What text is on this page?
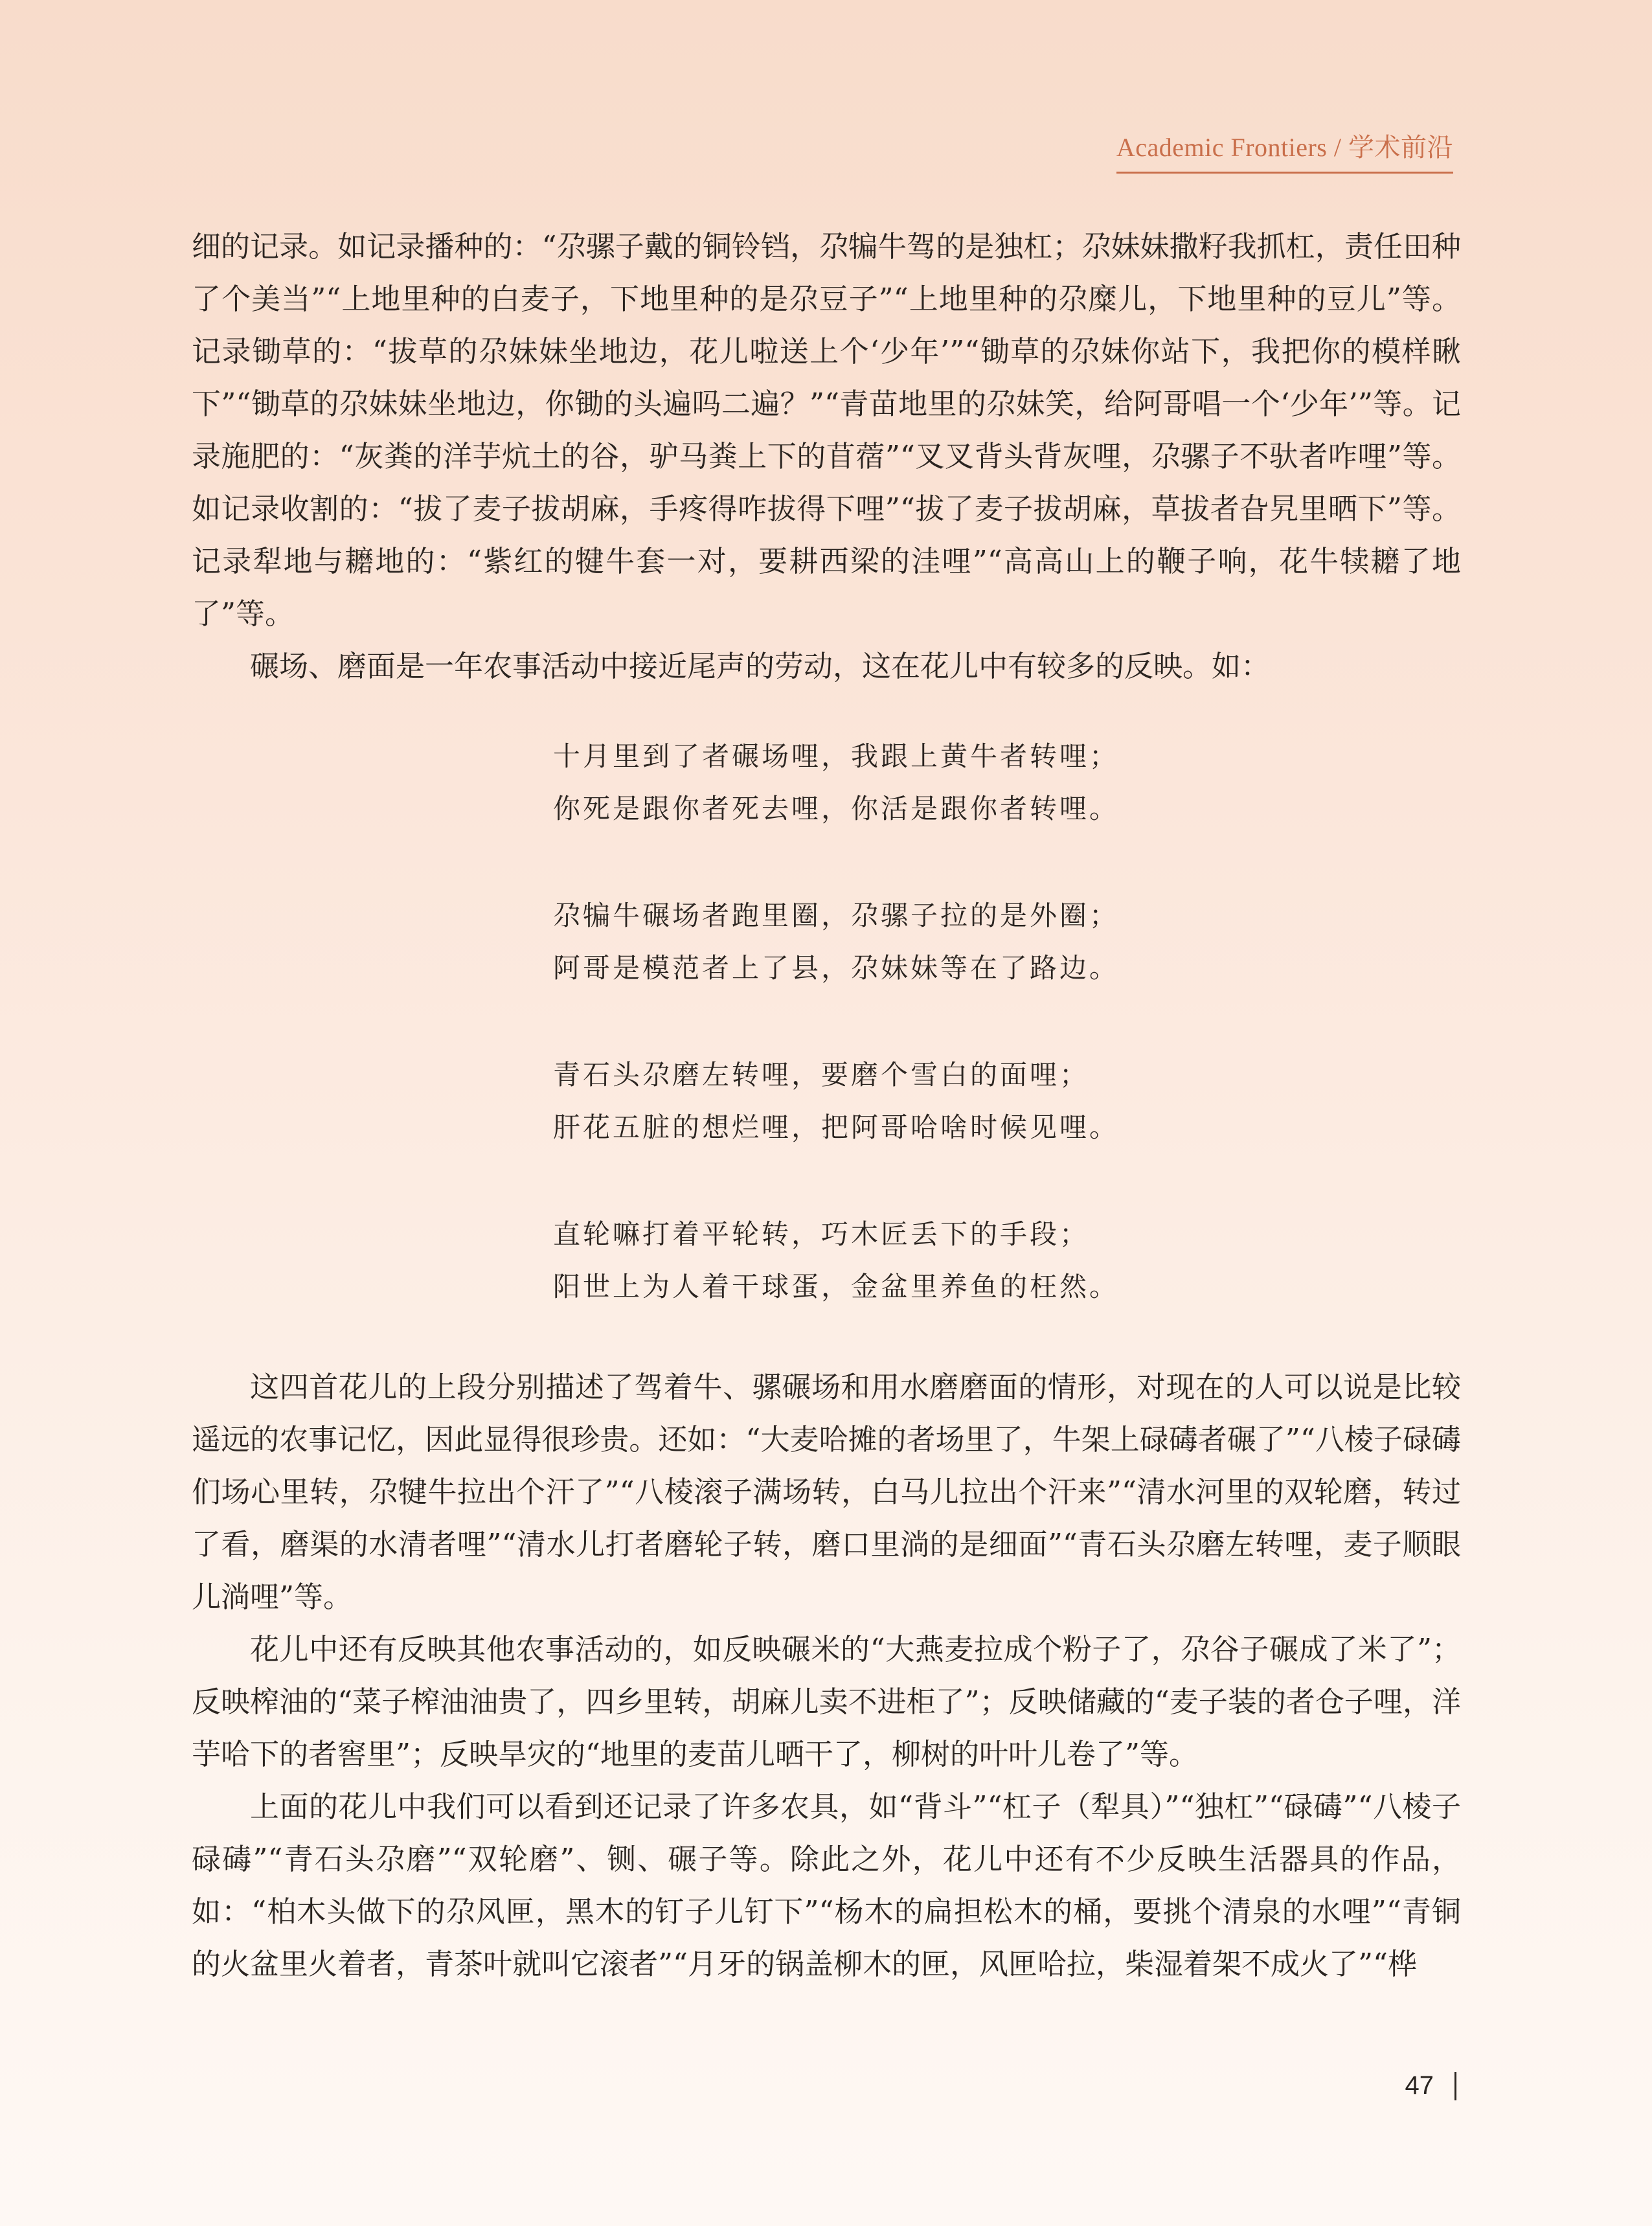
Academic Frontiers / 学术前沿

细的记录。如记录播种的：“尕骡子戴的铜铃铛，尕犏牛驾的是独杠；尕妹妹撒籽我抓杠，责任田种了个美当”“上地里种的白麦子，下地里种的是尕豆子”“上地里种的尕糜儿，下地里种的豆儿”等。记录锄草的：“拔草的尕妹妹坐地边，花儿啦送上个‘少年’”“锄草的尕妹你站下，我把你的模样瞅下”“锄草的尕妹妹坐地边，你锄的头遍吗二遍？”“青苗地里的尕妹笑，给阿哥唱一个‘少年’”等。记录施肥的：“灰粪的洋芋炕土的谷，驴马粪上下的苜蓿”“叉叉背头背灰哩，尕骡子不驮者咋哩”等。如记录收割的：“拔了麦子拔胡麻，手疼得咋拔得下哩”“拔了麦子拔胡麻，草拔者旮旯里晒下”等。记录犁地与耱地的：“紫红的犍牛套一对，要耕西梁的洼哩”“高高山上的鞭子响，花牛犊耱了地了”等。

碾场、磨面是一年农事活动中接近尾声的劳动，这在花儿中有较多的反映。如：

十月里到了者碾场哩，我跟上黄牛者转哩；
你死是跟你者死去哩，你活是跟你者转哩。
尕犏牛碾场者跑里圈，尕骡子拉的是外圈；
阿哥是模范者上了县，尕妹妹等在了路边。
青石头尕磨左转哩，要磨个雪白的面哩；
肝花五脏的想烂哩，把阿哥哈啥时候见哩。
直轮嘛打着平轮转，巧木匠丢下的手段；
阳世上为人着干球蛋，金盆里养鱼的枉然。

这四首花儿的上段分别描述了驾着牛、骡碾场和用水磨磨面的情形，对现在的人可以说是比较遥远的农事记忆，因此显得很珍贵。还如：“大麦哈摊的者场里了，牛架上碌碡者碾了”“八棱子碌碡们场心里转，尕犍牛拉出个汗了”“八棱滚子满场转，白马儿拉出个汗来”“清水河里的双轮磨，转过了看，磨渠的水清者哩”“清水儿打者磨轮子转，磨口里淌的是细面”“青石头尕磨左转哩，麦子顺眼儿淌哩”等。

花儿中还有反映其他农事活动的，如反映碾米的“大燕麦拉成个粉子了，尕谷子碾成了米了”；反映榨油的“菜子榨油油贵了，四乡里转，胡麻儿卖不进柜了”；反映储藏的“麦子装的者仓子哩，洋芋哈下的者窖里”；反映旱灾的“地里的麦苗儿晒干了，柳树的叶叶儿卷了”等。

上面的花儿中我们可以看到还记录了许多农具，如“背斗”“杠子（犁具）”“独杠”“碌碡”“八棱子碌碡”“青石头尕磨”“双轮磨”、铡、碾子等。除此之外，花儿中还有不少反映生活器具的作品，如：“柏木头做下的尕风匣，黑木的钉子儿钉下”“杨木的扁担松木的桶，要挑个清泉的水哩”“青铜的火盆里火着者，青茶叶就叫它滚者”“月牙的锅盖柳木的匣，风匣哈拉，柴湿着架不成火了”“桦

47
